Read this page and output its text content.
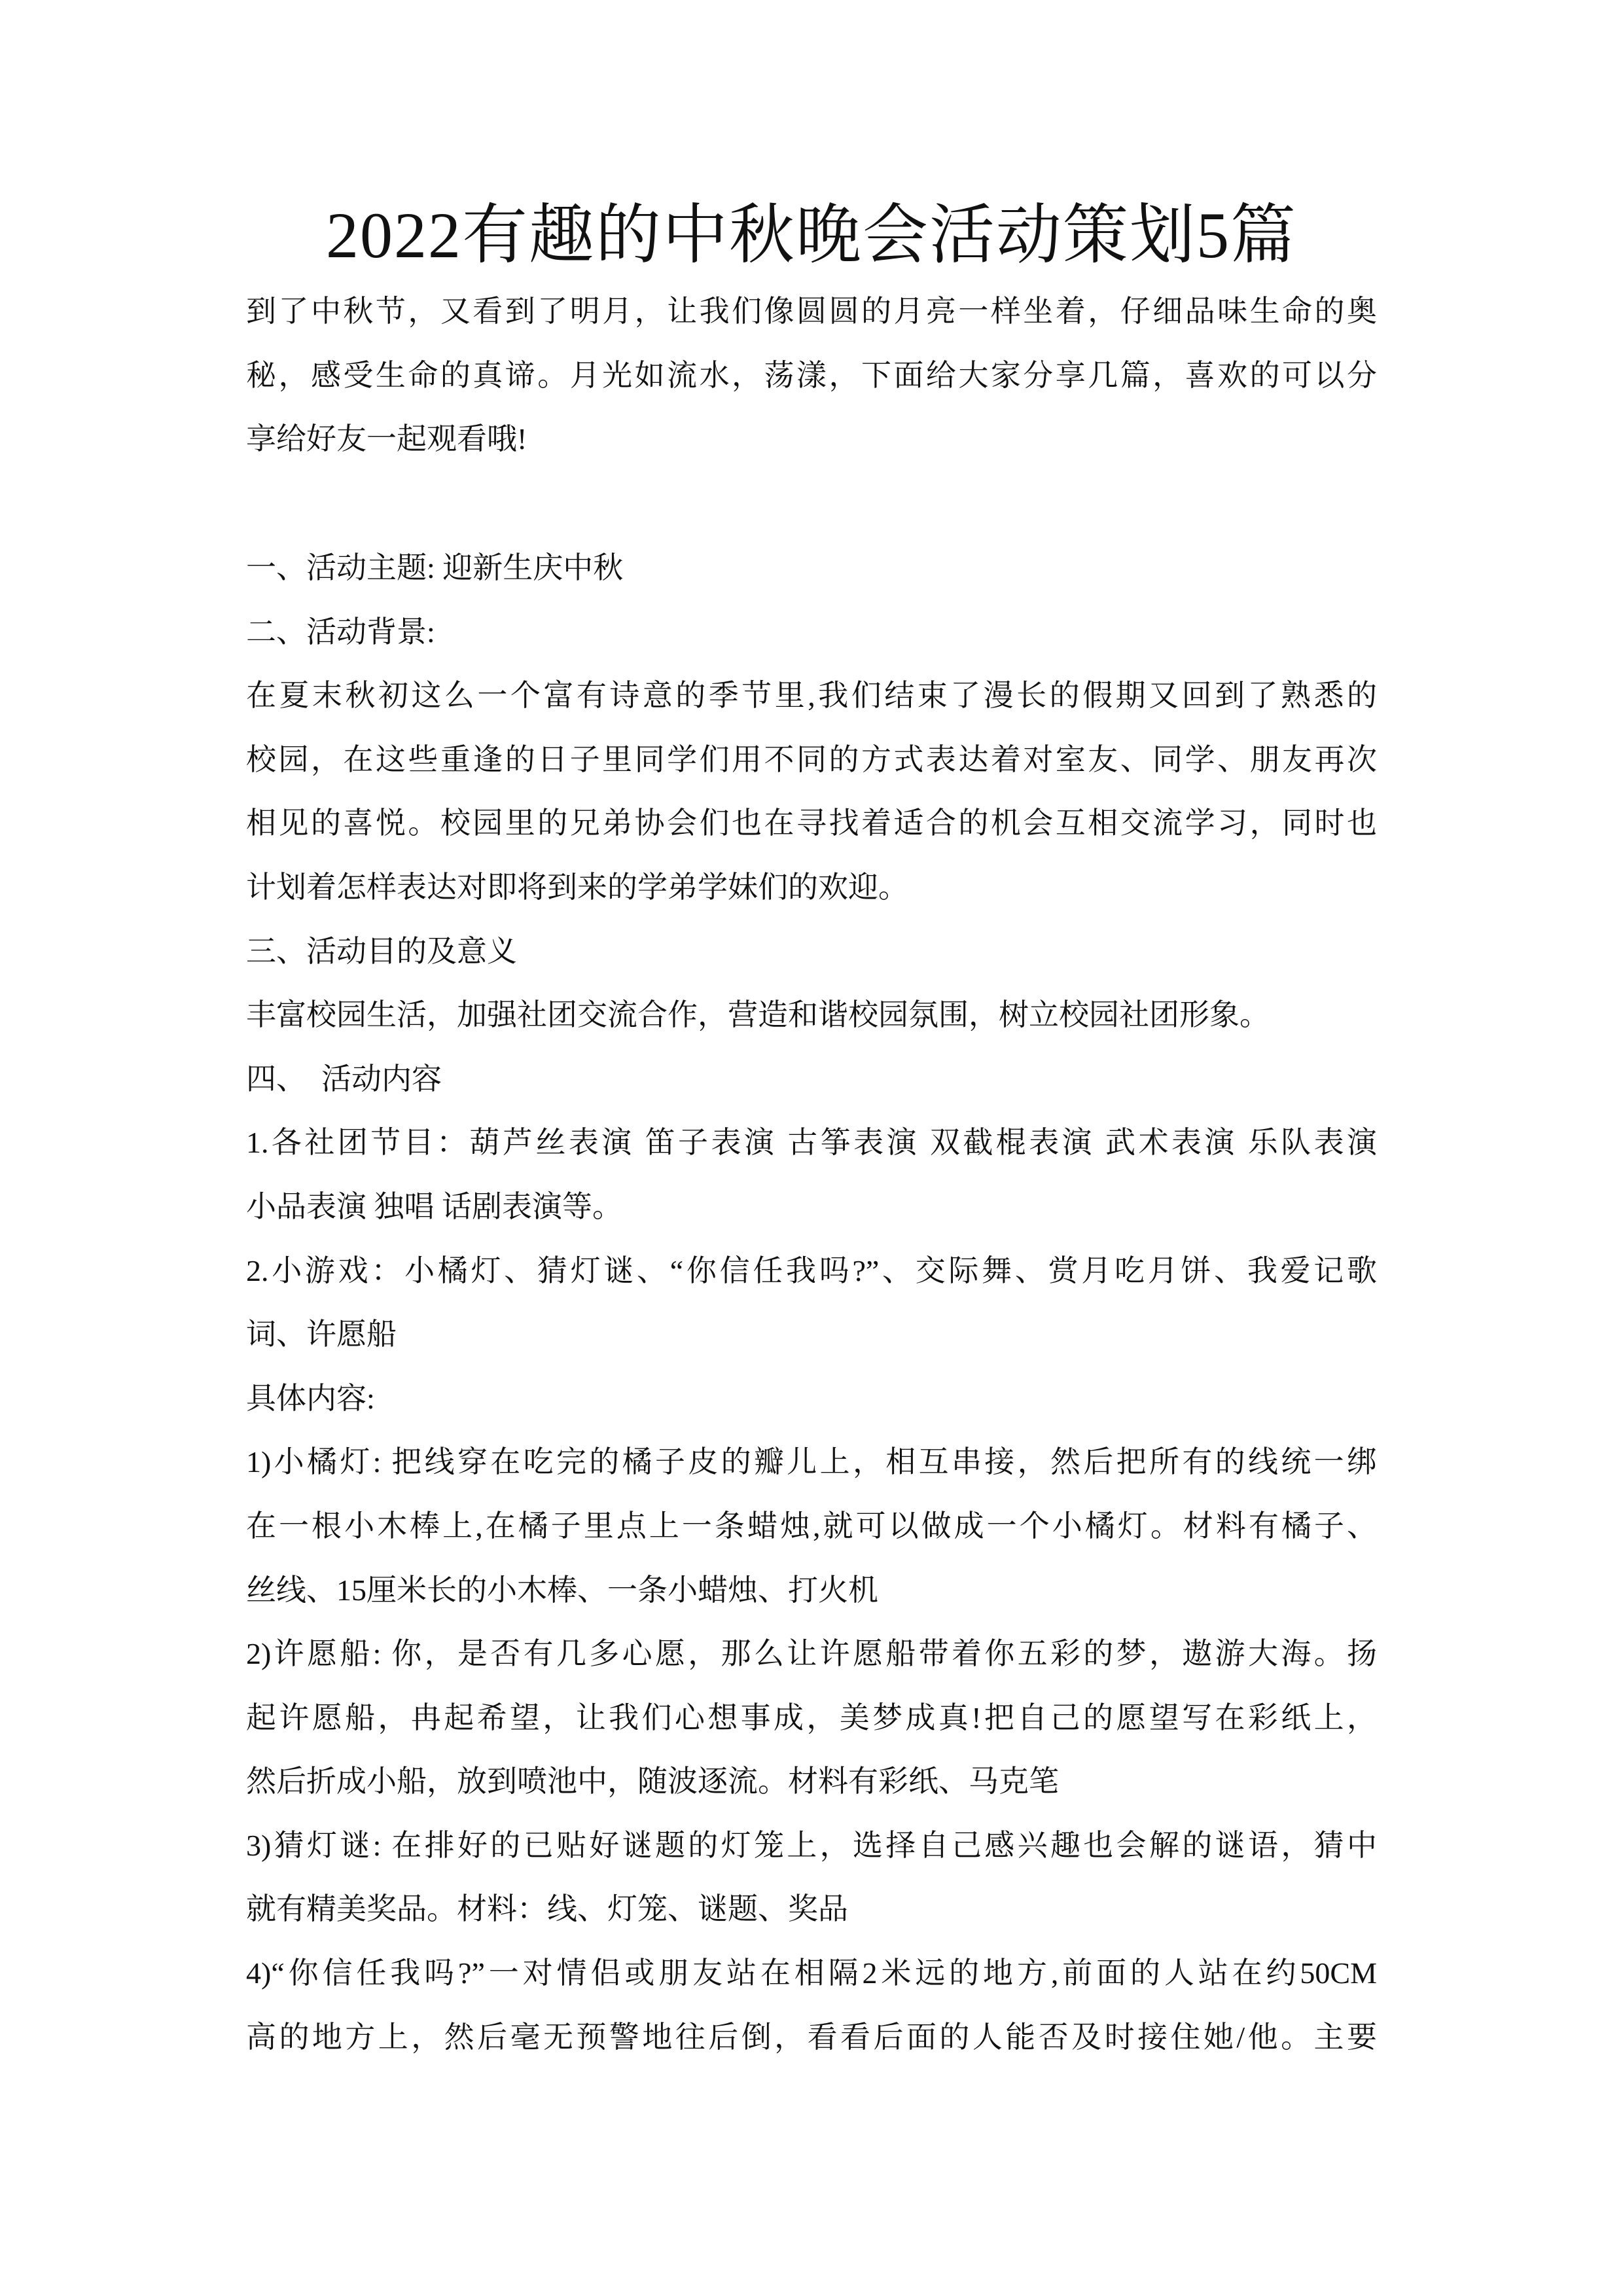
2022有趣的中秋晚会活动策划5篇
到了中秋节，又看到了明月，让我们像圆圆的月亮一样坐着，仔细品味生命的奥
秘，感受生命的真谛。月光如流水，荡漾，下面给大家分享几篇，喜欢的可以分
享给好友一起观看哦!
一、活动主题: 迎新生庆中秋
二、活动背景:
在夏末秋初这么一个富有诗意的季节里,我们结束了漫长的假期又回到了熟悉的
校园，在这些重逢的日子里同学们用不同的方式表达着对室友、同学、朋友再次
相见的喜悦。校园里的兄弟协会们也在寻找着适合的机会互相交流学习，同时也
计划着怎样表达对即将到来的学弟学妹们的欢迎。
三、活动目的及意义
丰富校园生活，加强社团交流合作，营造和谐校园氛围，树立校园社团形象。
四、  活动内容
1.各社团节目：葫芦丝表演 笛子表演 古筝表演 双截棍表演 武术表演 乐队表演
小品表演 独唱 话剧表演等。
2.小游戏：小橘灯、猜灯谜、“你信任我吗?”、交际舞、赏月吃月饼、我爱记歌
词、许愿船
具体内容:
1)小橘灯: 把线穿在吃完的橘子皮的瓣儿上，相互串接，然后把所有的线统一绑
在一根小木棒上,在橘子里点上一条蜡烛,就可以做成一个小橘灯。材料有橘子、
丝线、15厘米长的小木棒、一条小蜡烛、打火机
2)许愿船: 你，是否有几多心愿，那么让许愿船带着你五彩的梦，遨游大海。扬
起许愿船，冉起希望，让我们心想事成，美梦成真!把自己的愿望写在彩纸上，
然后折成小船，放到喷池中，随波逐流。材料有彩纸、马克笔
3)猜灯谜: 在排好的已贴好谜题的灯笼上，选择自己感兴趣也会解的谜语，猜中
就有精美奖品。材料：线、灯笼、谜题、奖品
4)“你信任我吗?”一对情侣或朋友站在相隔2米远的地方,前面的人站在约50CM
高的地方上，然后毫无预警地往后倒，看看后面的人能否及时接住她/他。主要
